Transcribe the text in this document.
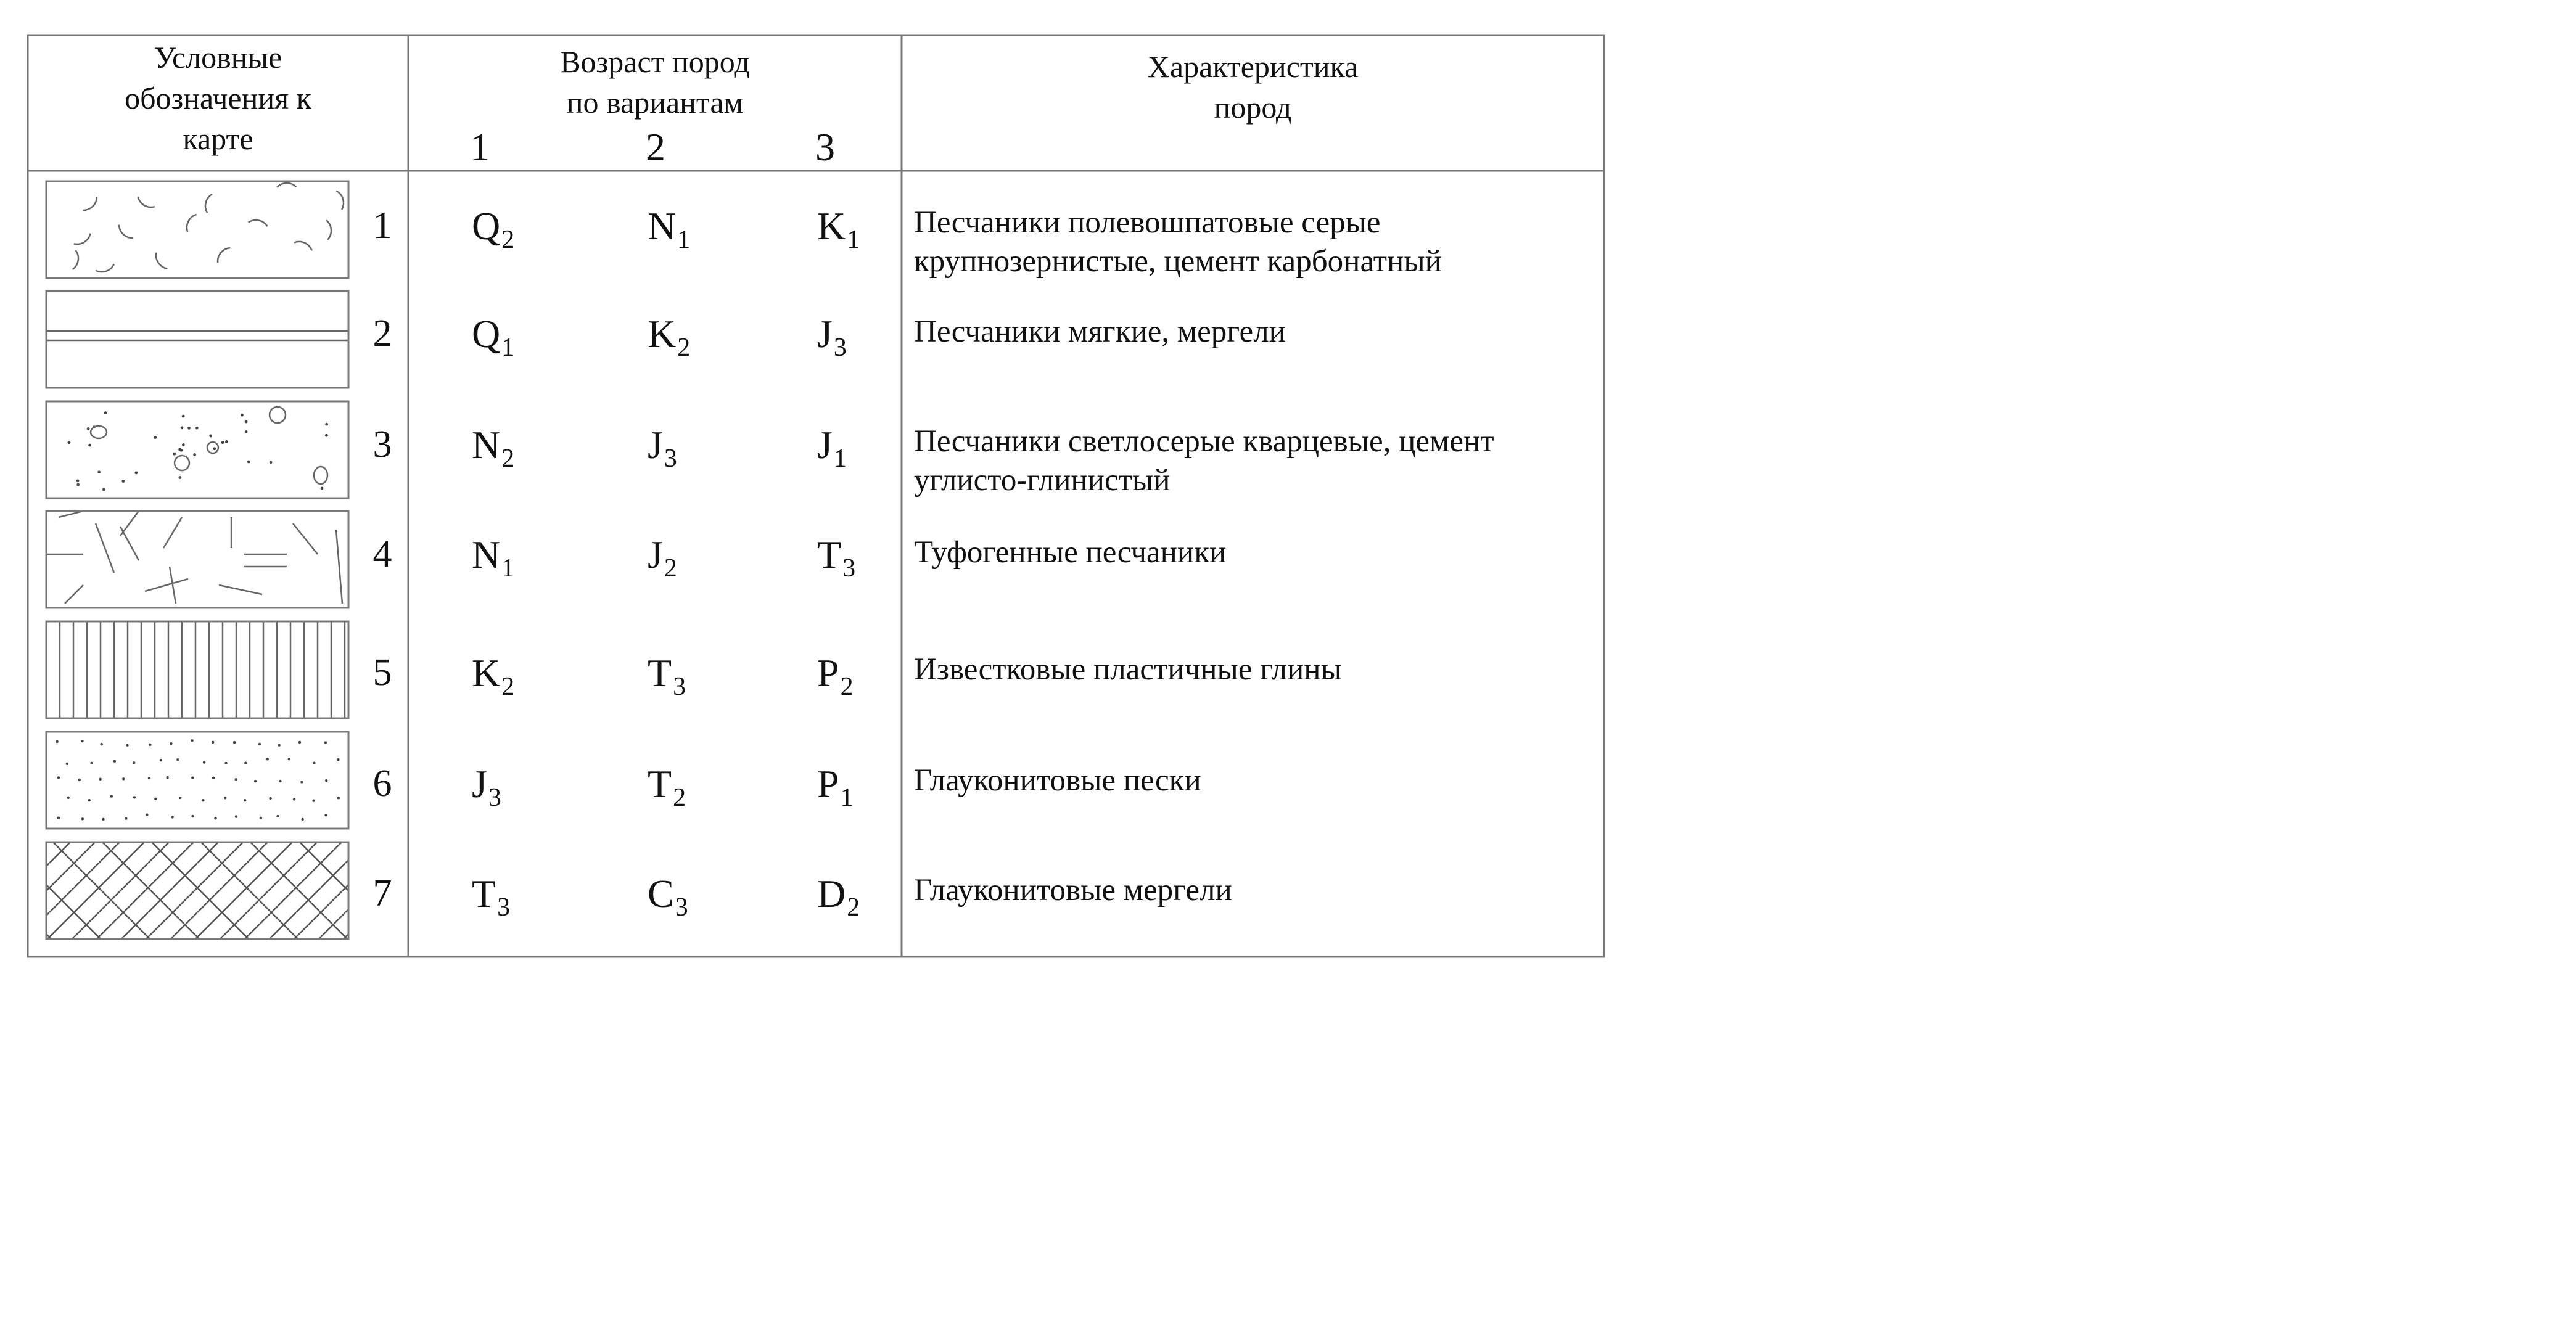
Условные
обозначения к
карте
Возраст пород
по вариантам
1	2	3
Характеристика
пород
1 $Q_2$	$N_1$	$K_1$ Песчаники полевошпатовые серые
крупнозернистые, цемент карбонатный
2 $Q_1$	$K_2$	$J_3$ Песчаники мягкие, мергели
3 $N_2$	$J_3$	$J_1$ Песчаники светлосерые кварцевые, цемент
углисто-глинистый
4 $N_1$	$J_2$	$T_3$ Туфогенные песчаники
5 $K_2$	$T_3$	$P_2$ Известковые пластичные глины
6 $J_3$	$T_2$	$P_1$ Глауконитовые пески
7 $T_3$	$C_3$	$D_2$ Глауконитовые мергели
